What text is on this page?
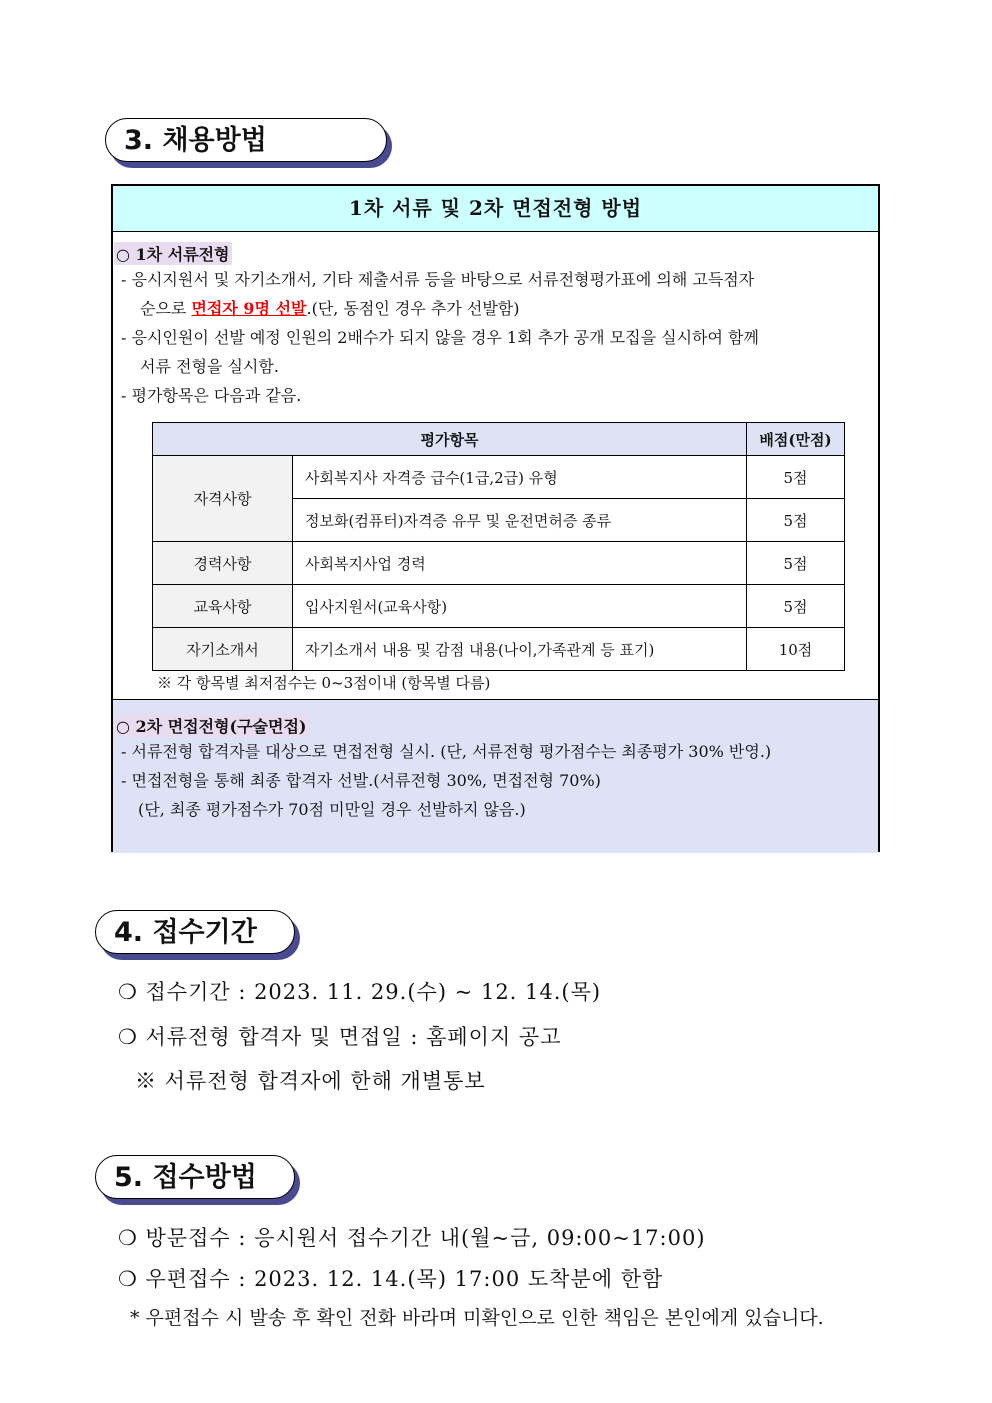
3. 채용방법
1차 서류 및 2차 면접전형 방법
○ 1차 서류전형
- 응시지원서 및 자기소개서, 기타 제출서류 등을 바탕으로 서류전형평가표에 의해 고득점자
순으로 면접자 9명 선발.(단, 동점인 경우 추가 선발함)
- 응시인원이 선발 예정 인원의 2배수가 되지 않을 경우 1회 추가 공개 모집을 실시하여 함께
서류 전형을 실시함.
- 평가항목은 다음과 같음.
평가항목		배점(만점)
자격사항	사회복지사 자격증 급수(1급,2급) 유형	5점
	정보화(컴퓨터)자격증 유무 및 운전면허증 종류	5점
경력사항	사회복지사업 경력	5점
교육사항	입사지원서(교육사항)	5점
자기소개서	자기소개서 내용 및 감점 내용(나이,가족관계 등 표기)	10점
※ 각 항목별 최저점수는 0~3점이내 (항목별 다름)
○ 2차 면접전형(구술면접)
- 서류전형 합격자를 대상으로 면접전형 실시. (단, 서류전형 평가점수는 최종평가 30% 반영.)
- 면접전형을 통해 최종 합격자 선발.(서류전형 30%, 면접전형 70%)
(단, 최종 평가점수가 70점 미만일 경우 선발하지 않음.)
4. 접수기간
❍ 접수기간 : 2023. 11. 29.(수) ~ 12. 14.(목)
❍ 서류전형 합격자 및 면접일 : 홈페이지 공고
※ 서류전형 합격자에 한해 개별통보
5. 접수방법
❍ 방문접수 : 응시원서 접수기간 내(월~금, 09:00~17:00)
❍ 우편접수 : 2023. 12. 14.(목) 17:00 도착분에 한함
* 우편접수 시 발송 후 확인 전화 바라며 미확인으로 인한 책임은 본인에게 있습니다.
